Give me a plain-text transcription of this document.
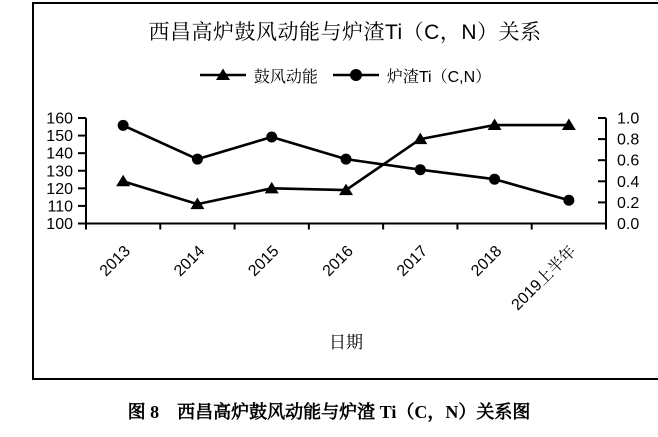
西昌高炉鼓风动能与炉渣Ti（C，N）关系
鼓风动能	炉渣Ti（C,N）
160
150
140
130
120
110
100
1.0
0.8
0.6
0.4
0.2
0.0
2013 2014 2015 2016 2017 2018 2019上半年
日期
图 8　西昌高炉鼓风动能与炉渣 Ti（C，N）关系图
